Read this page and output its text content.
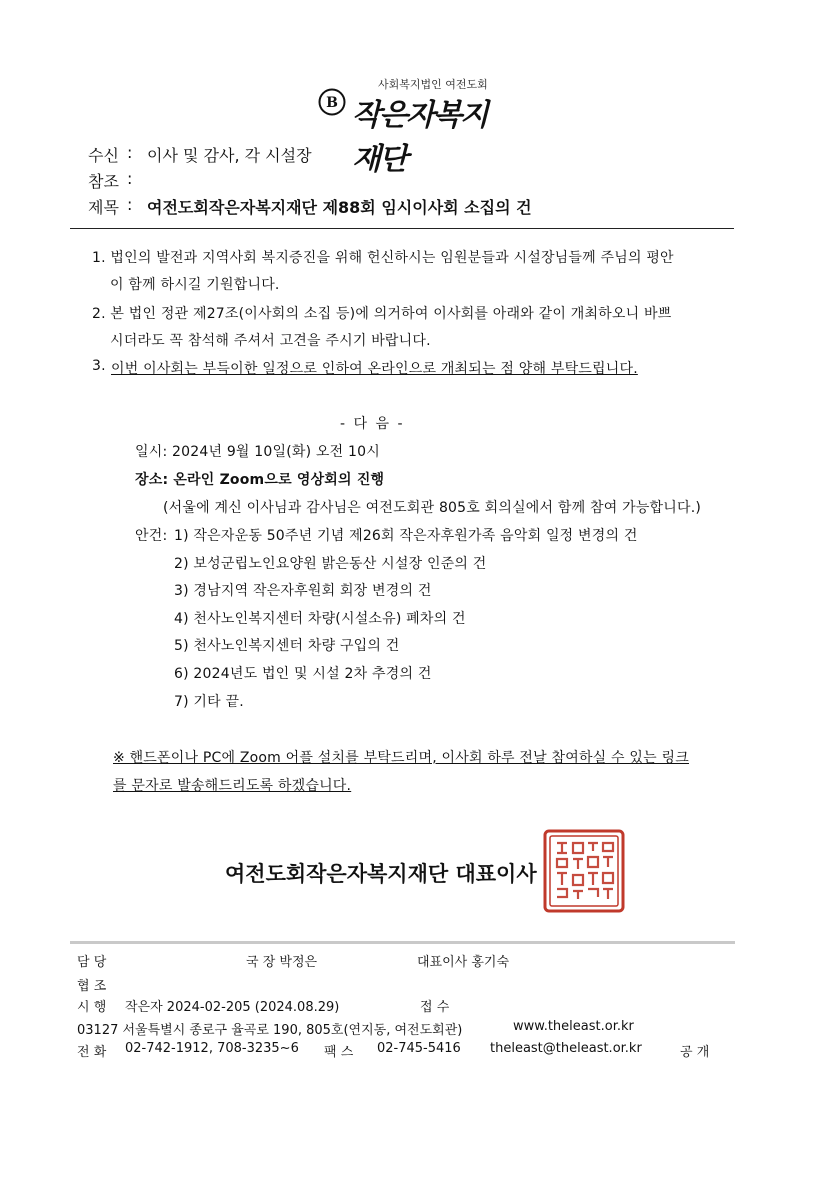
B
사회복지법인 여전도회
작은자복지재단
수신 : 이사 및 감사, 각 시설장
참조 :
제목 : 여전도회작은자복지재단 제88회 임시이사회 소집의 건
1. 법인의 발전과 지역사회 복지증진을 위해 헌신하시는 임원분들과 시설장님들께 주님의 평안
이 함께 하시길 기원합니다.
2. 본 법인 정관 제27조(이사회의 소집 등)에 의거하여 이사회를 아래와 같이 개최하오니 바쁘
시더라도 꼭 참석해 주셔서 고견을 주시기 바랍니다.
3. 이번 이사회는 부득이한 일정으로 인하여 온라인으로 개최되는 점 양해 부탁드립니다.
- 다 음 -
일시: 2024년 9월 10일(화) 오전 10시
장소: 온라인 Zoom으로 영상회의 진행
(서울에 계신 이사님과 감사님은 여전도회관 805호 회의실에서 함께 참여 가능합니다.)
안건: 1) 작은자운동 50주년 기념 제26회 작은자후원가족 음악회 일정 변경의 건
2) 보성군립노인요양원 밝은동산 시설장 인준의 건
3) 경남지역 작은자후원회 회장 변경의 건
4) 천사노인복지센터 차량(시설소유) 폐차의 건
5) 천사노인복지센터 차량 구입의 건
6) 2024년도 법인 및 시설 2차 추경의 건
7) 기타 끝.
※ 핸드폰이나 PC에 Zoom 어플 설치를 부탁드리며, 이사회 하루 전날 참여하실 수 있는 링크
를 문자로 발송해드리도록 하겠습니다.
여전도회작은자복지재단 대표이사
담 당	국 장 박정은	대표이사 홍기숙
협 조
시 행 작은자 2024-02-205 (2024.08.29)	접 수
03127 서울특별시 종로구 율곡로 190, 805호(연지동, 여전도회관)	www.theleast.or.kr
전 화 02-742-1912, 708-3235~6 팩 스 02-745-5416 theleast@theleast.or.kr	공 개
